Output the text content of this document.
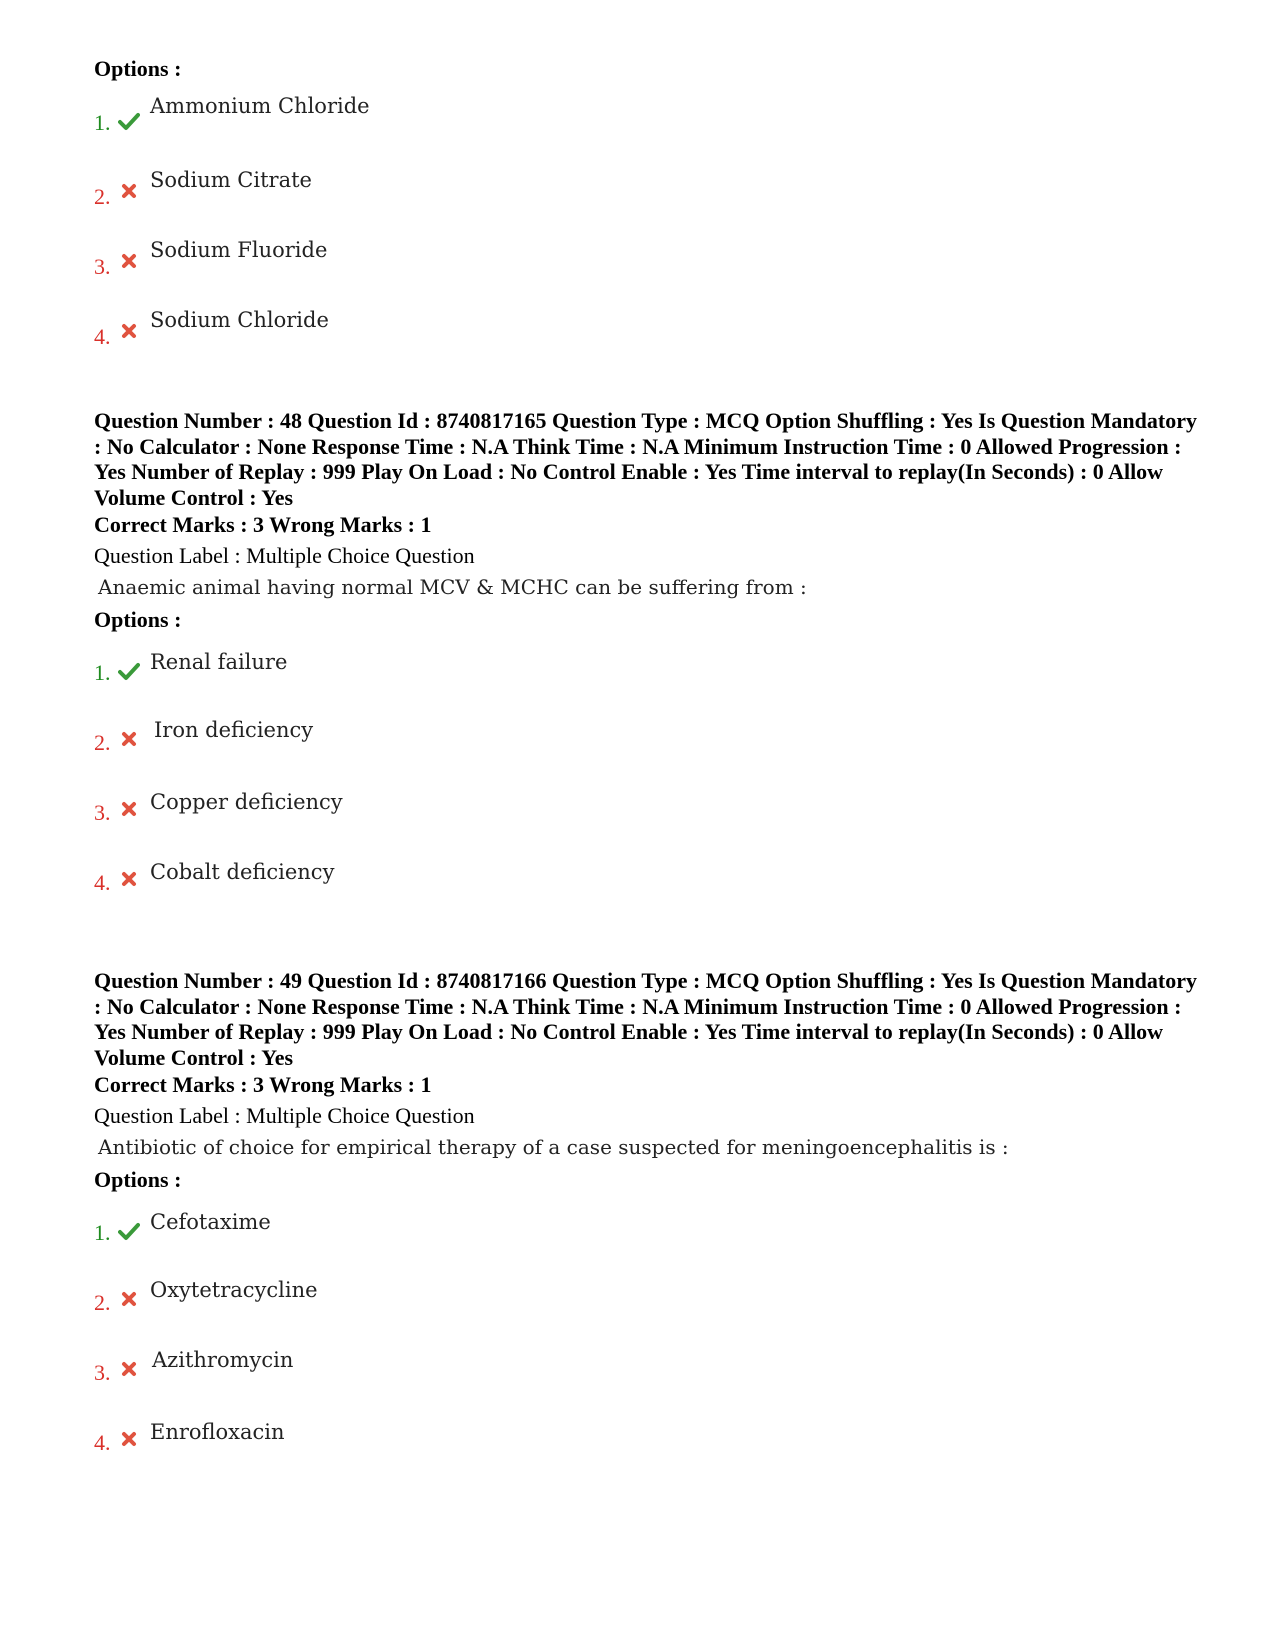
Options :

1.
Ammonium Chloride
2.
Sodium Citrate
3.
Sodium Fluoride
4.
Sodium Chloride

Question Number : 48 Question Id : 8740817165 Question Type : MCQ Option Shuffling : Yes Is Question Mandatory : No Calculator : None Response Time : N.A Think Time : N.A Minimum Instruction Time : 0 Allowed Progression : Yes Number of Replay : 999 Play On Load : No Control Enable : Yes Time interval to replay(In Seconds) : 0 Allow Volume Control : Yes

Correct Marks : 3 Wrong Marks : 1

Question Label : Multiple Choice Question

Anaemic animal having normal MCV & MCHC can be suffering from :

Options :

1. Renal failure
2. Iron deficiency
3. Copper deficiency
4. Cobalt deficiency

Question Number : 49 Question Id : 8740817166 Question Type : MCQ Option Shuffling : Yes Is Question Mandatory : No Calculator : None Response Time : N.A Think Time : N.A Minimum Instruction Time : 0 Allowed Progression : Yes Number of Replay : 999 Play On Load : No Control Enable : Yes Time interval to replay(In Seconds) : 0 Allow Volume Control : Yes

Correct Marks : 3 Wrong Marks : 1

Question Label : Multiple Choice Question

Antibiotic of choice for empirical therapy of a case suspected for meningoencephalitis is :

Options :

1. Cefotaxime
2. Oxytetracycline
3. Azithromycin
4. Enrofloxacin
